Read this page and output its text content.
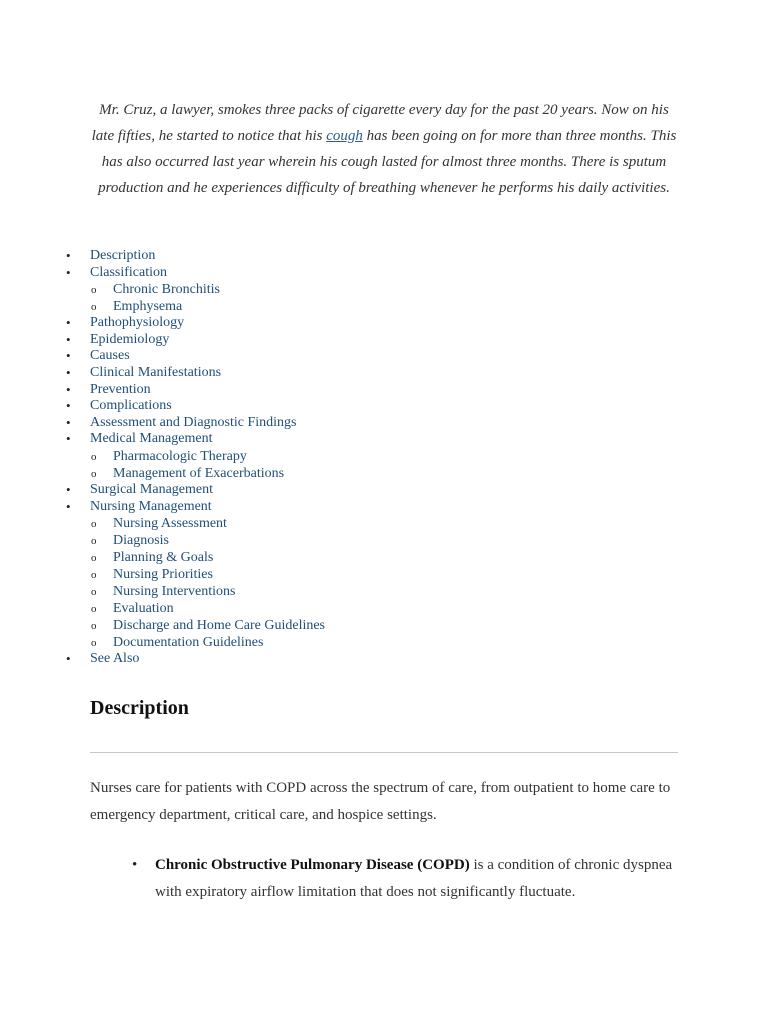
Mr. Cruz, a lawyer, smokes three packs of cigarette every day for the past 20 years. Now on his late fifties, he started to notice that his cough has been going on for more than three months. This has also occurred last year wherein his cough lasted for almost three months. There is sputum production and he experiences difficulty of breathing whenever he performs his daily activities.

• Description
• Classification
o Chronic Bronchitis
o Emphysema
• Pathophysiology
• Epidemiology
• Causes
• Clinical Manifestations
• Prevention
• Complications
• Assessment and Diagnostic Findings
• Medical Management
o Pharmacologic Therapy
o Management of Exacerbations
• Surgical Management
• Nursing Management
o Nursing Assessment
o Diagnosis
o Planning & Goals
o Nursing Priorities
o Nursing Interventions
o Evaluation
o Discharge and Home Care Guidelines
o Documentation Guidelines
• See Also
Description

Nurses care for patients with COPD across the spectrum of care, from outpatient to home care to emergency department, critical care, and hospice settings.

• Chronic Obstructive Pulmonary Disease (COPD) is a condition of chronic dyspnea with expiratory airflow limitation that does not significantly fluctuate.
